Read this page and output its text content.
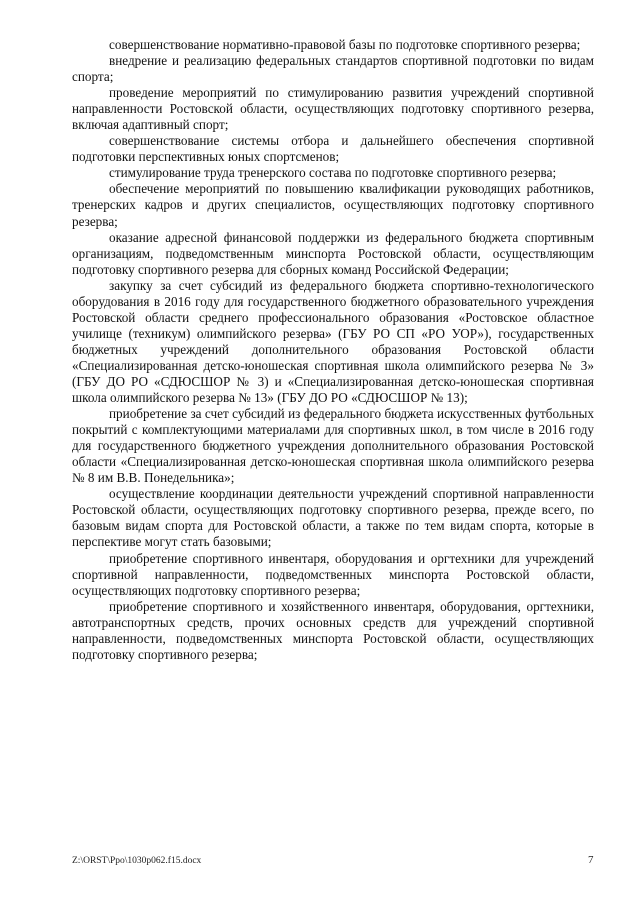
совершенствование нормативно-правовой базы по подготовке спортивного резерва;

внедрение и реализацию федеральных стандартов спортивной подготовки по видам спорта;

проведение мероприятий по стимулированию развития учреждений спортивной направленности Ростовской области, осуществляющих подготовку спортивного резерва, включая адаптивный спорт;

совершенствование системы отбора и дальнейшего обеспечения спортивной подготовки перспективных юных спортсменов;

стимулирование труда тренерского состава по подготовке спортивного резерва;

обеспечение мероприятий по повышению квалификации руководящих работников, тренерских кадров и других специалистов, осуществляющих подготовку спортивного резерва;

оказание адресной финансовой поддержки из федерального бюджета спортивным организациям, подведомственным минспорта Ростовской области, осуществляющим подготовку спортивного резерва для сборных команд Российской Федерации;

закупку за счет субсидий из федерального бюджета спортивно-технологического оборудования в 2016 году для государственного бюджетного образовательного учреждения Ростовской области среднего профессионального образования «Ростовское областное училище (техникум) олимпийского резерва» (ГБУ РО СП «РО УОР»), государственных бюджетных учреждений дополнительного образования Ростовской области «Специализированная детско-юношеская спортивная школа олимпийского резерва № 3» (ГБУ ДО РО «СДЮСШОР № 3) и «Специализированная детско-юношеская спортивная школа олимпийского резерва № 13» (ГБУ ДО РО «СДЮСШОР № 13);

приобретение за счет субсидий из федерального бюджета искусственных футбольных покрытий с комплектующими материалами для спортивных школ, в том числе в 2016 году для государственного бюджетного учреждения дополнительного образования Ростовской области «Специализированная детско-юношеская спортивная школа олимпийского резерва № 8 им В.В. Понедельника»;

осуществление координации деятельности учреждений спортивной направленности Ростовской области, осуществляющих подготовку спортивного резерва, прежде всего, по базовым видам спорта для Ростовской области, а также по тем видам спорта, которые в перспективе могут стать базовыми;

приобретение спортивного инвентаря, оборудования и оргтехники для учреждений спортивной направленности, подведомственных минспорта Ростовской области, осуществляющих подготовку спортивного резерва;

приобретение спортивного и хозяйственного инвентаря, оборудования, оргтехники, автотранспортных средств, прочих основных средств для учреждений спортивной направленности, подведомственных минспорта Ростовской области, осуществляющих подготовку спортивного резерва;

Z:\ORST\Ppo\1030p062.f15.docx	7
